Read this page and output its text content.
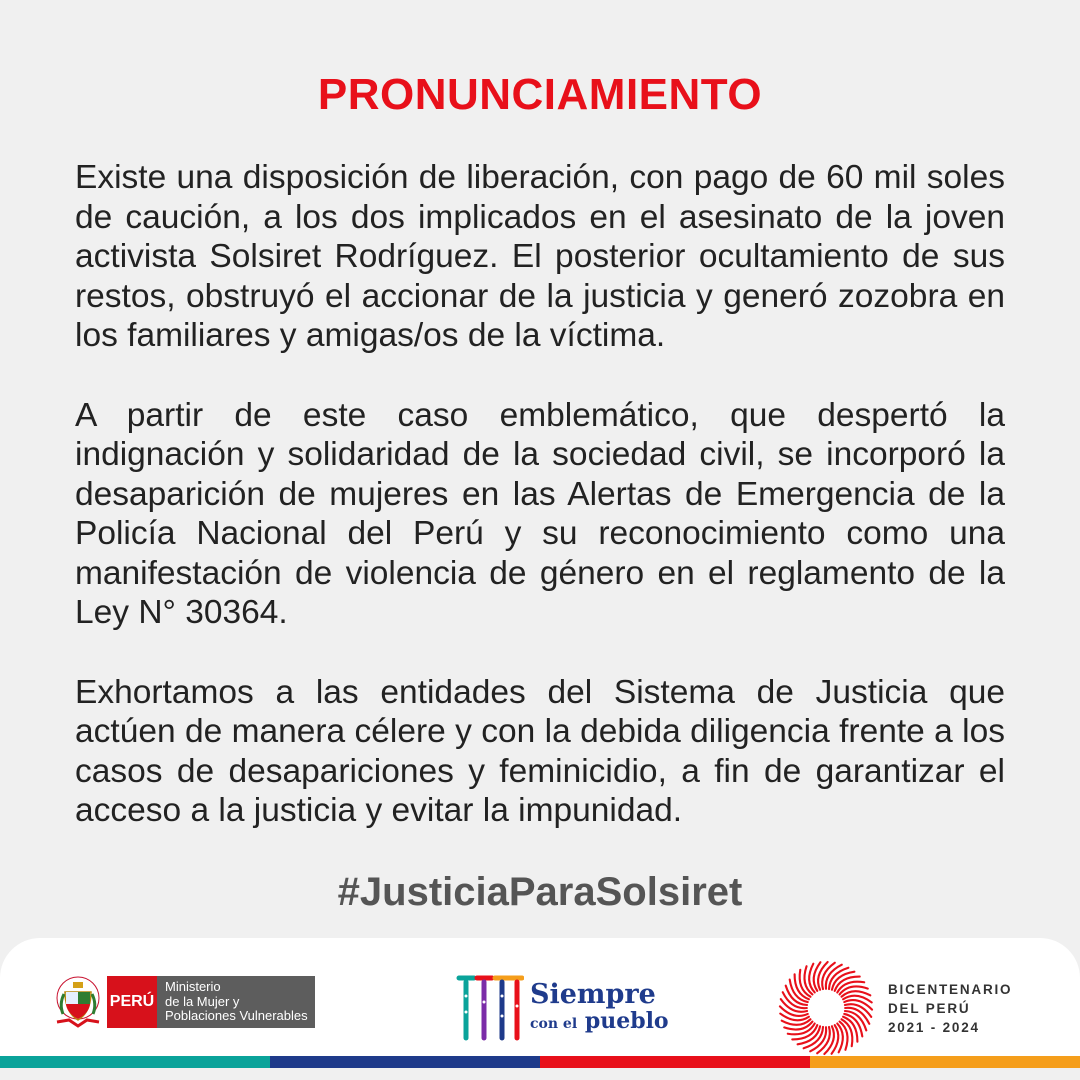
PRONUNCIAMIENTO

Existe una disposición de liberación, con pago de 60 mil soles de caución, a los dos implicados en el asesinato de la joven activista Solsiret Rodríguez. El posterior ocultamiento de sus restos, obstruyó el accionar de la justicia y generó zozobra en los familiares y amigas/os de la víctima.

A partir de este caso emblemático, que despertó la indignación y solidaridad de la sociedad civil, se incorporó la desaparición de mujeres en las Alertas de Emergencia de la Policía Nacional del Perú y su reconocimiento como una manifestación de violencia de género en el reglamento de la Ley N° 30364.

Exhortamos a las entidades del Sistema de Justicia que actúen de manera célere y con la debida diligencia frente a los casos de desapariciones y feminicidio, a fin de garantizar el acceso a la justicia y evitar la impunidad.

#JusticiaParaSolsiret
PERÚ
Ministerio
de la Mujer y
Poblaciones Vulnerables
Siempre
con el pueblo
BICENTENARIO
DEL PERÚ
2021 - 2024
